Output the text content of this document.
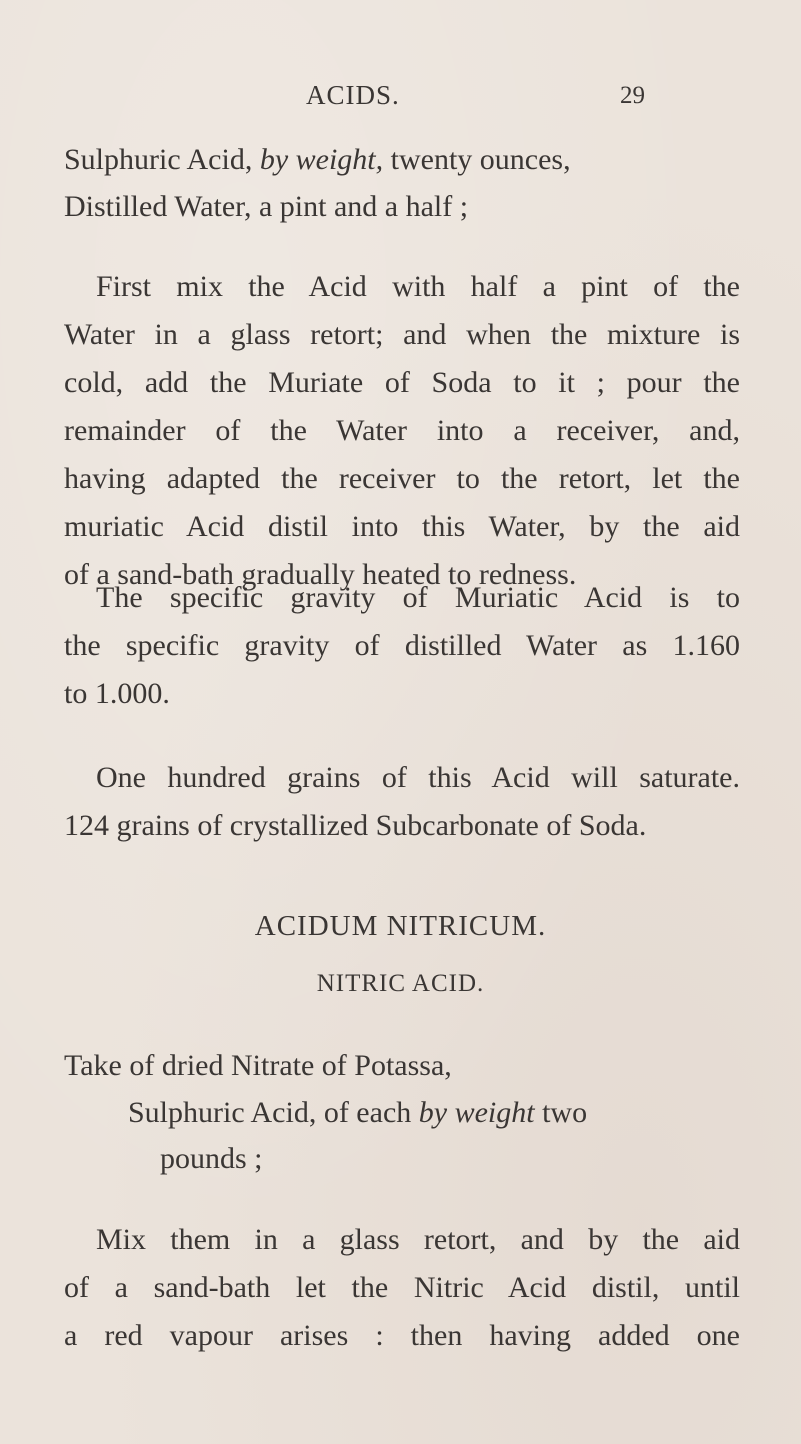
ACIDS.	29
Sulphuric Acid, by weight, twenty ounces,
Distilled Water, a pint and a half ;
First mix the Acid with half a pint of the
Water in a glass retort; and when the mixture is
cold, add the Muriate of Soda to it ; pour the
remainder of the Water into a receiver, and,
having adapted the receiver to the retort, let the
muriatic Acid distil into this Water, by the aid
of a sand-bath gradually heated to redness.
The specific gravity of Muriatic Acid is to
the specific gravity of distilled Water as 1.160
to 1.000.
One hundred grains of this Acid will saturate.
124 grains of crystallized Subcarbonate of Soda.
ACIDUM NITRICUM.
NITRIC ACID.
Take of dried Nitrate of Potassa,
Sulphuric Acid, of each by weight two
pounds ;
Mix them in a glass retort, and by the aid
of a sand-bath let the Nitric Acid distil, until
a red vapour arises : then having added one
